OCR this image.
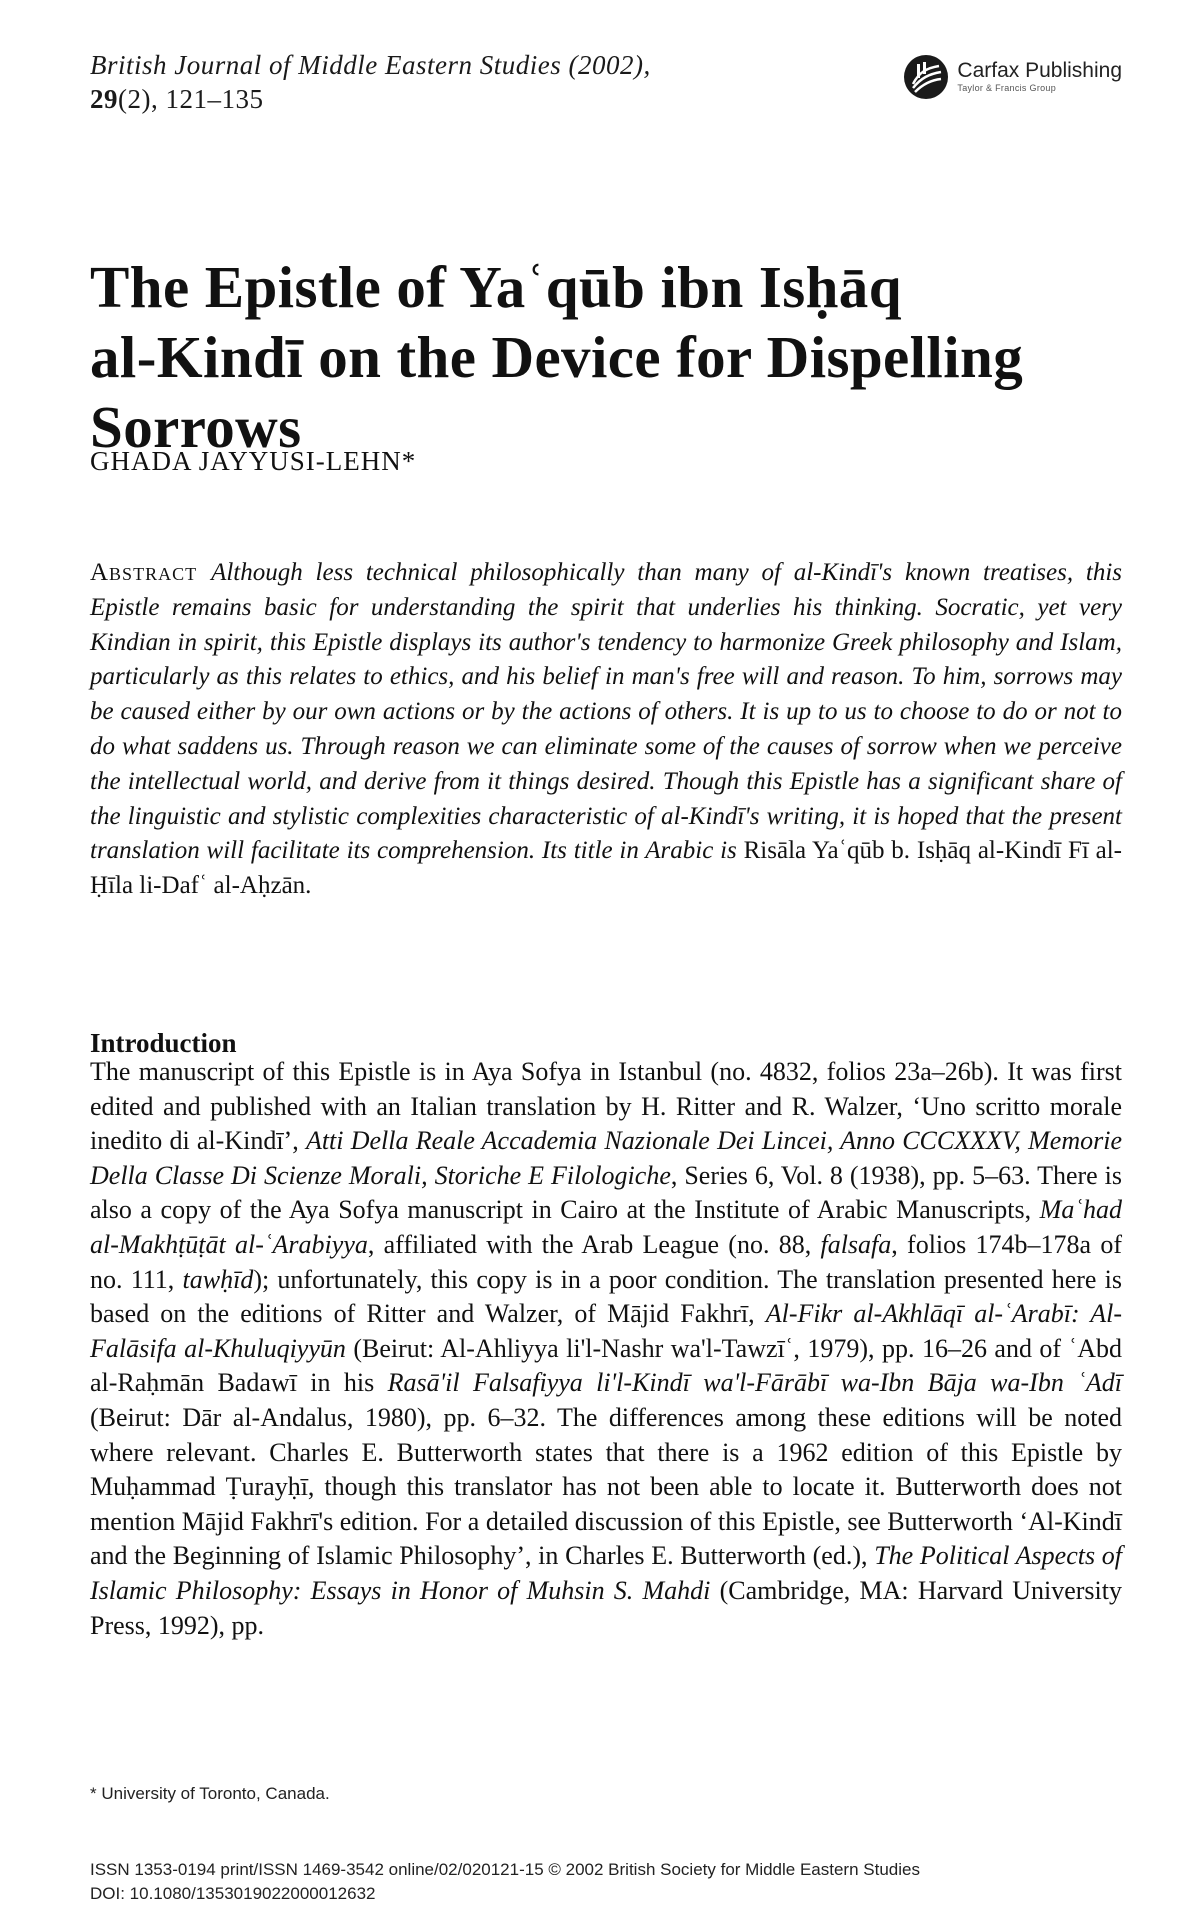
British Journal of Middle Eastern Studies (2002),
29(2), 121–135
Carfax Publishing
Taylor & Francis Group
The Epistle of Yaʿqūb ibn Isḥāq
al-Kindī on the Device for Dispelling
Sorrows
GHADA JAYYUSI-LEHN*
Abstract Although less technical philosophically than many of al-Kindī's known treatises, this Epistle remains basic for understanding the spirit that underlies his thinking. Socratic, yet very Kindian in spirit, this Epistle displays its author's tendency to harmonize Greek philosophy and Islam, particularly as this relates to ethics, and his belief in man's free will and reason. To him, sorrows may be caused either by our own actions or by the actions of others. It is up to us to choose to do or not to do what saddens us. Through reason we can eliminate some of the causes of sorrow when we perceive the intellectual world, and derive from it things desired. Though this Epistle has a significant share of the linguistic and stylistic complexities characteristic of al-Kindī's writing, it is hoped that the present translation will facilitate its comprehension. Its title in Arabic is Risāla Yaʿqūb b. Isḥāq al-Kindī Fī al-Ḥīla li-Dafʿ al-Aḥzān.
Introduction
The manuscript of this Epistle is in Aya Sofya in Istanbul (no. 4832, folios 23a–26b). It was first edited and published with an Italian translation by H. Ritter and R. Walzer, ‘Uno scritto morale inedito di al-Kindī’, Atti Della Reale Accademia Nazionale Dei Lincei, Anno CCCXXXV, Memorie Della Classe Di Scienze Morali, Storiche E Filologiche, Series 6, Vol. 8 (1938), pp. 5–63. There is also a copy of the Aya Sofya manuscript in Cairo at the Institute of Arabic Manuscripts, Maʿhad al-Makhṭūṭāt al-ʿArabiyya, affiliated with the Arab League (no. 88, falsafa, folios 174b–178a of no. 111, tawḥīd); unfortunately, this copy is in a poor condition. The translation presented here is based on the editions of Ritter and Walzer, of Mājid Fakhrī, Al-Fikr al-Akhlāqī al-ʿArabī: Al-Falāsifa al-Khuluqiyyūn (Beirut: Al-Ahliyya li'l-Nashr wa'l-Tawzīʿ, 1979), pp. 16–26 and of ʿAbd al-Raḥmān Badawī in his Rasā'il Falsafiyya li'l-Kindī wa'l-Fārābī wa-Ibn Bāja wa-Ibn ʿAdī (Beirut: Dār al-Andalus, 1980), pp. 6–32. The differences among these editions will be noted where relevant. Charles E. Butterworth states that there is a 1962 edition of this Epistle by Muḥammad Ṭurayḥī, though this translator has not been able to locate it. Butterworth does not mention Mājid Fakhrī's edition. For a detailed discussion of this Epistle, see Butterworth ‘Al-Kindī and the Beginning of Islamic Philosophy’, in Charles E. Butterworth (ed.), The Political Aspects of Islamic Philosophy: Essays in Honor of Muhsin S. Mahdi (Cambridge, MA: Harvard University Press, 1992), pp.
* University of Toronto, Canada.
ISSN 1353-0194 print/ISSN 1469-3542 online/02/020121-15 © 2002 British Society for Middle Eastern Studies
DOI: 10.1080/1353019022000012632
